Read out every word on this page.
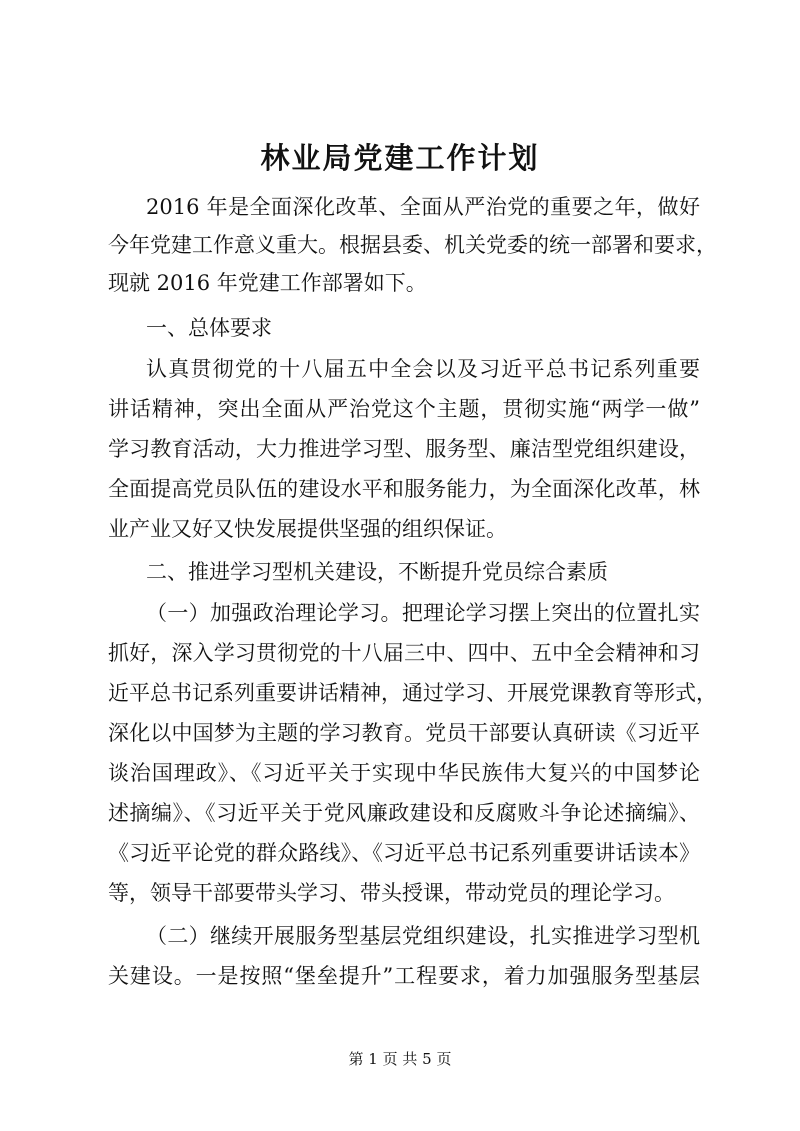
林业局党建工作计划

2016 年是全面深化改革、全面从严治党的重要之年，做好

今年党建工作意义重大。根据县委、机关党委的统一部署和要求，

现就 2016 年党建工作部署如下。

一、总体要求

认真贯彻党的十八届五中全会以及习近平总书记系列重要

讲话精神，突出全面从严治党这个主题，贯彻实施“两学一做”

学习教育活动，大力推进学习型、服务型、廉洁型党组织建设，

全面提高党员队伍的建设水平和服务能力，为全面深化改革，林

业产业又好又快发展提供坚强的组织保证。

二、推进学习型机关建设，不断提升党员综合素质

（一）加强政治理论学习。把理论学习摆上突出的位置扎实

抓好，深入学习贯彻党的十八届三中、四中、五中全会精神和习

近平总书记系列重要讲话精神，通过学习、开展党课教育等形式，

深化以中国梦为主题的学习教育。党员干部要认真研读《习近平

谈治国理政》、《习近平关于实现中华民族伟大复兴的中国梦论

述摘编》、《习近平关于党风廉政建设和反腐败斗争论述摘编》、

《习近平论党的群众路线》、《习近平总书记系列重要讲话读本》

等，领导干部要带头学习、带头授课，带动党员的理论学习。

（二）继续开展服务型基层党组织建设，扎实推进学习型机

关建设。一是按照“堡垒提升”工程要求，着力加强服务型基层

第 1 页 共 5 页
